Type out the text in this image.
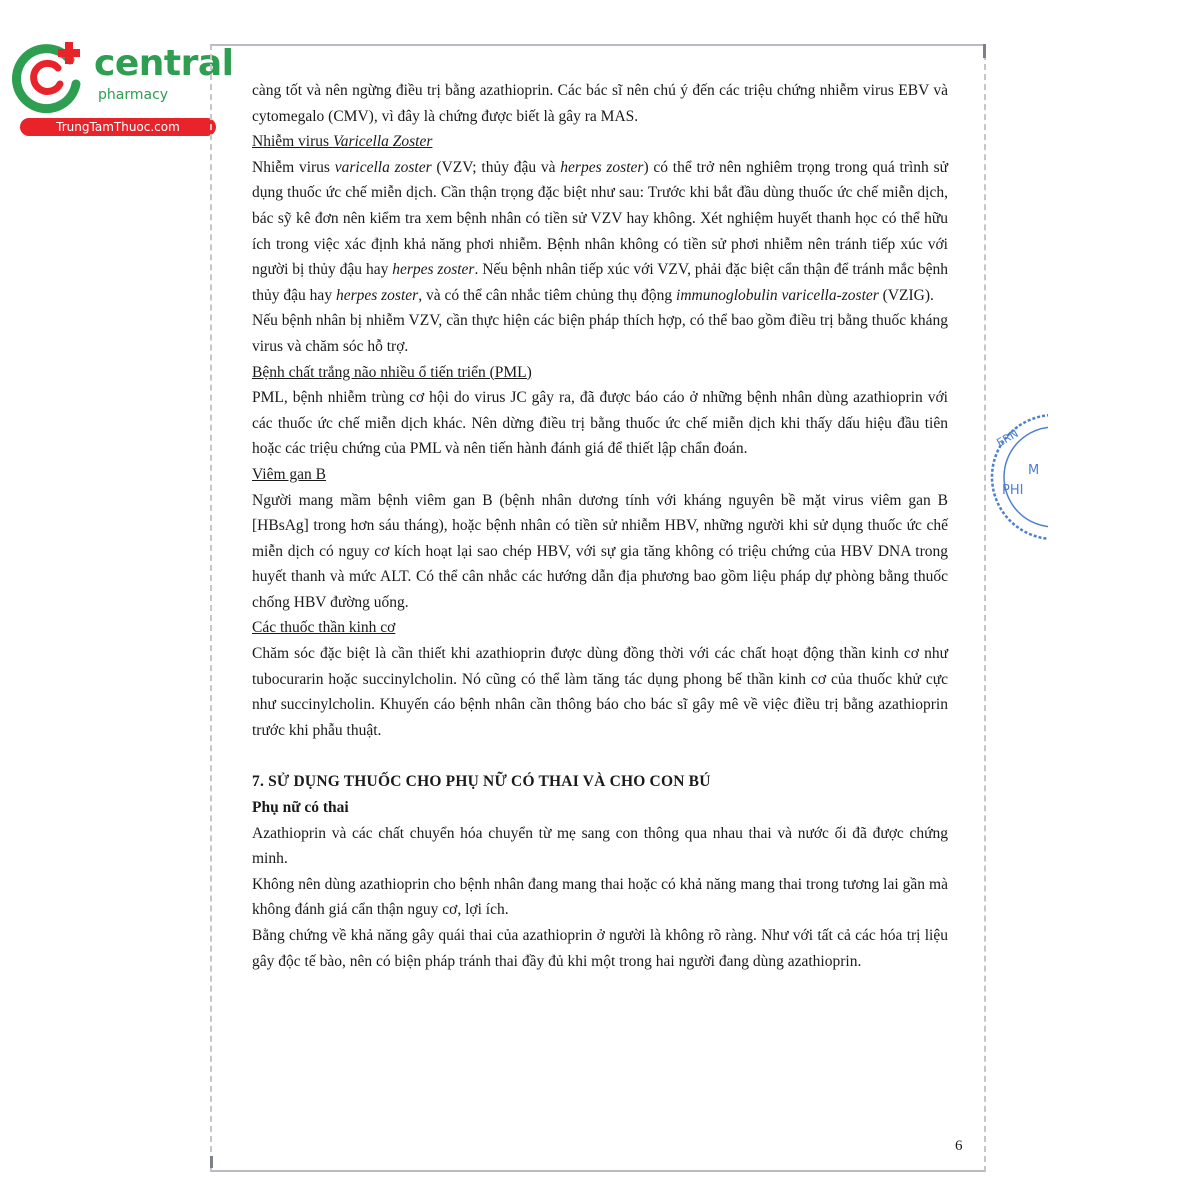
central
pharmacy
TrungTamThuoc.com
ERN
M
PHI

càng tốt và nên ngừng điều trị bằng azathioprin. Các bác sĩ nên chú ý đến các triệu chứng nhiễm virus EBV và cytomegalo (CMV), vì đây là chứng được biết là gây ra MAS.

Nhiễm virus Varicella Zoster

Nhiễm virus varicella zoster (VZV; thủy đậu và herpes zoster) có thể trở nên nghiêm trọng trong quá trình sử dụng thuốc ức chế miễn dịch. Cần thận trọng đặc biệt như sau: Trước khi bắt đầu dùng thuốc ức chế miễn dịch, bác sỹ kê đơn nên kiểm tra xem bệnh nhân có tiền sử VZV hay không. Xét nghiệm huyết thanh học có thể hữu ích trong việc xác định khả năng phơi nhiễm. Bệnh nhân không có tiền sử phơi nhiễm nên tránh tiếp xúc với người bị thủy đậu hay herpes zoster. Nếu bệnh nhân tiếp xúc với VZV, phải đặc biệt cẩn thận để tránh mắc bệnh thủy đậu hay herpes zoster, và có thể cân nhắc tiêm chủng thụ động immunoglobulin varicella-zoster (VZIG).

Nếu bệnh nhân bị nhiễm VZV, cần thực hiện các biện pháp thích hợp, có thể bao gồm điều trị bằng thuốc kháng virus và chăm sóc hỗ trợ.

Bệnh chất trắng não nhiều ổ tiến triển (PML)

PML, bệnh nhiễm trùng cơ hội do virus JC gây ra, đã được báo cáo ở những bệnh nhân dùng azathioprin với các thuốc ức chế miễn dịch khác. Nên dừng điều trị bằng thuốc ức chế miễn dịch khi thấy dấu hiệu đầu tiên hoặc các triệu chứng của PML và nên tiến hành đánh giá để thiết lập chẩn đoán.

Viêm gan B

Người mang mầm bệnh viêm gan B (bệnh nhân dương tính với kháng nguyên bề mặt virus viêm gan B [HBsAg] trong hơn sáu tháng), hoặc bệnh nhân có tiền sử nhiễm HBV, những người khi sử dụng thuốc ức chế miễn dịch có nguy cơ kích hoạt lại sao chép HBV, với sự gia tăng không có triệu chứng của HBV DNA trong huyết thanh và mức ALT. Có thể cân nhắc các hướng dẫn địa phương bao gồm liệu pháp dự phòng bằng thuốc chống HBV đường uống.

Các thuốc thần kinh cơ

Chăm sóc đặc biệt là cần thiết khi azathioprin được dùng đồng thời với các chất hoạt động thần kinh cơ như tubocurarin hoặc succinylcholin. Nó cũng có thể làm tăng tác dụng phong bế thần kinh cơ của thuốc khử cực như succinylcholin. Khuyến cáo bệnh nhân cần thông báo cho bác sĩ gây mê về việc điều trị bằng azathioprin trước khi phẫu thuật.

7. SỬ DỤNG THUỐC CHO PHỤ NỮ CÓ THAI VÀ CHO CON BÚ

Phụ nữ có thai

Azathioprin và các chất chuyển hóa chuyển từ mẹ sang con thông qua nhau thai và nước ối đã được chứng minh.

Không nên dùng azathioprin cho bệnh nhân đang mang thai hoặc có khả năng mang thai trong tương lai gần mà không đánh giá cẩn thận nguy cơ, lợi ích.

Bằng chứng về khả năng gây quái thai của azathioprin ở người là không rõ ràng. Như với tất cả các hóa trị liệu gây độc tế bào, nên có biện pháp tránh thai đầy đủ khi một trong hai người đang dùng azathioprin.

6
